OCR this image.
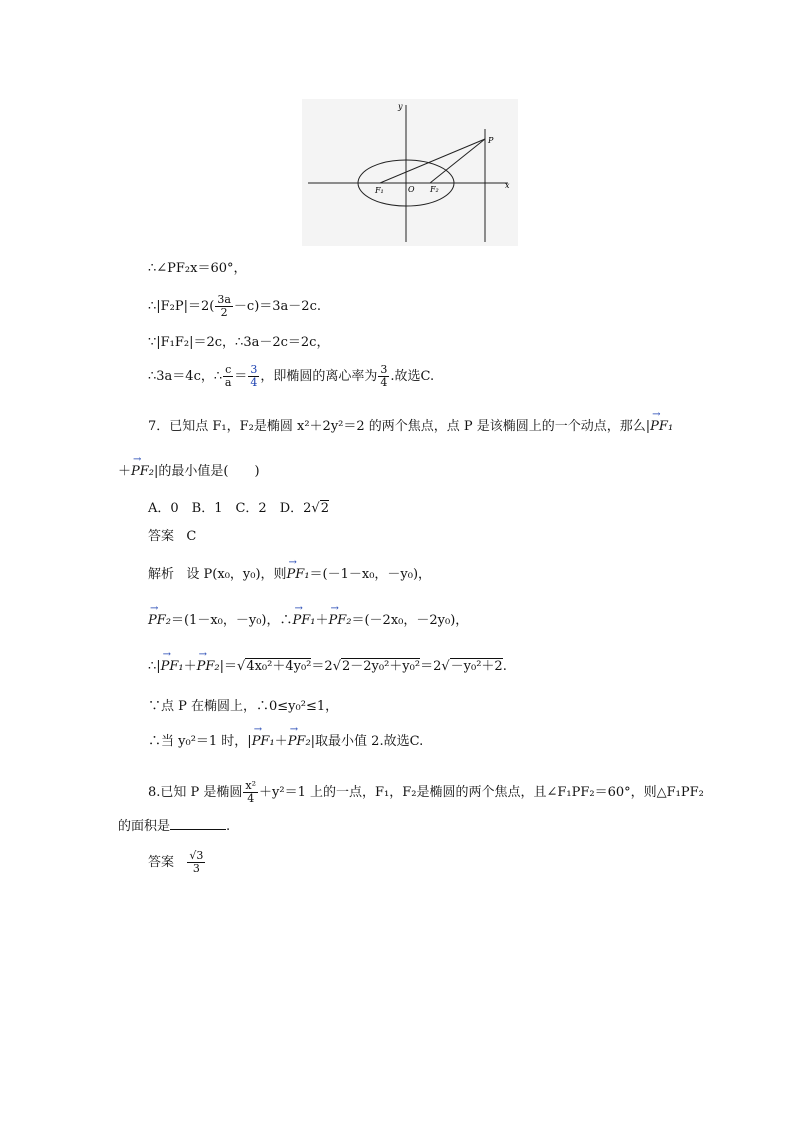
y
x
P
F₁	O F₂
∴∠PF₂x＝60°，
∴|F₂P|＝2( $\frac{3a}{2} -c)=3a-2c$.
∵|F₁F₂|＝2c，∴3a－2c＝2c，
∴3a＝4c，∴ $\frac{c}{a} = \frac{3}{4}$ ，即椭圆的离心率为 $\frac{3}{4}$ .故选C.
7．已知点 F₁，F₂是椭圆 x²＋2y²＝2 的两个焦点，点 P 是该椭圆上的一个动点，那么|→ PF₁
＋→ PF₂|的最小值是(　　)
A．0　B．1　C．2　D．2√2
答案 C
解析 设 P(x₀，y₀)，则→ PF₁＝(－1－x₀，－y₀)，
→ PF₂＝(1－x₀，－y₀)，∴→ PF₁＋→ PF₂＝(－2x₀，－2y₀)，
∴|→ PF₁＋→ PF₂|＝√4x₀²＋4y₀²＝2√2－2y₀²＋y₀²＝2√－y₀²＋2.
∵点 P 在椭圆上，∴0≤y₀²≤1，
∴当 y₀²＝1 时，|→ PF₁＋→ PF₂|取最小值 2.故选C.
8.已知 P 是椭圆 $\frac{\text{x²}}{4} +y^2=1$ 上的一点，F₁，F₂是椭圆的两个焦点，且∠F₁PF₂＝60°，则△F₁PF₂
的面积是	.
答案 $\frac{√3}{3}$
